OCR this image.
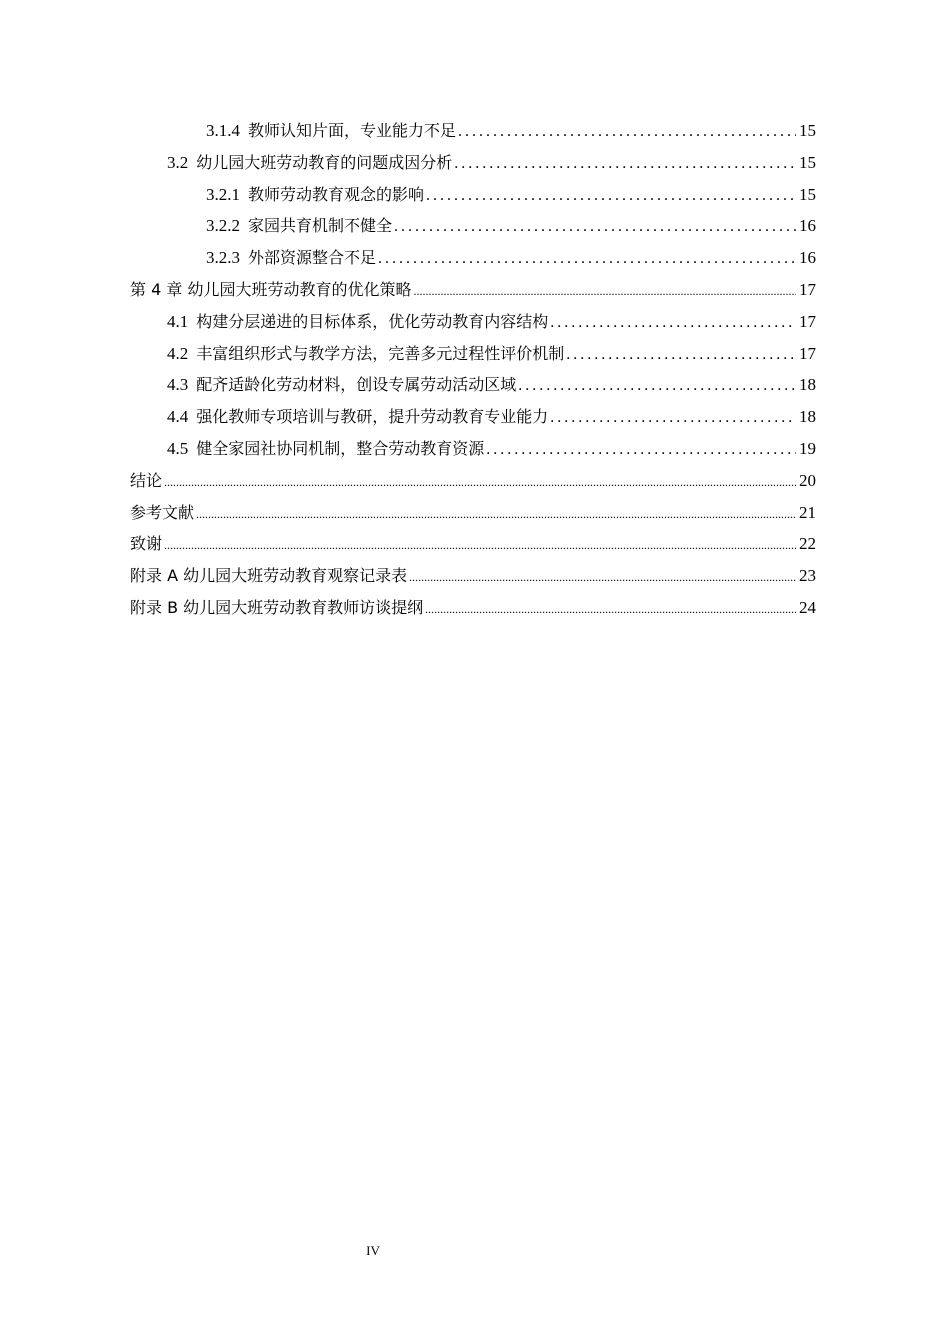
3.1.4 教师认知片面，专业能力不足 .....	15
3.2 幼儿园大班劳动教育的问题成因分析 .....	15
3.2.1 教师劳动教育观念的影响 .....	15
3.2.2 家园共育机制不健全 .....	16
3.2.3 外部资源整合不足 .....	16
第 4 章 幼儿园大班劳动教育的优化策略 .....	17
4.1 构建分层递进的目标体系，优化劳动教育内容结构 .....	17
4.2 丰富组织形式与教学方法，完善多元过程性评价机制 .....	17
4.3 配齐适龄化劳动材料，创设专属劳动活动区域 .....	18
4.4 强化教师专项培训与教研，提升劳动教育专业能力 .....	18
4.5 健全家园社协同机制，整合劳动教育资源 .....	19
结论 .....	20
参考文献 .....	21
致谢 .....	22
附录 A 幼儿园大班劳动教育观察记录表 .....	23
附录 B 幼儿园大班劳动教育教师访谈提纲 .....	24
IV
